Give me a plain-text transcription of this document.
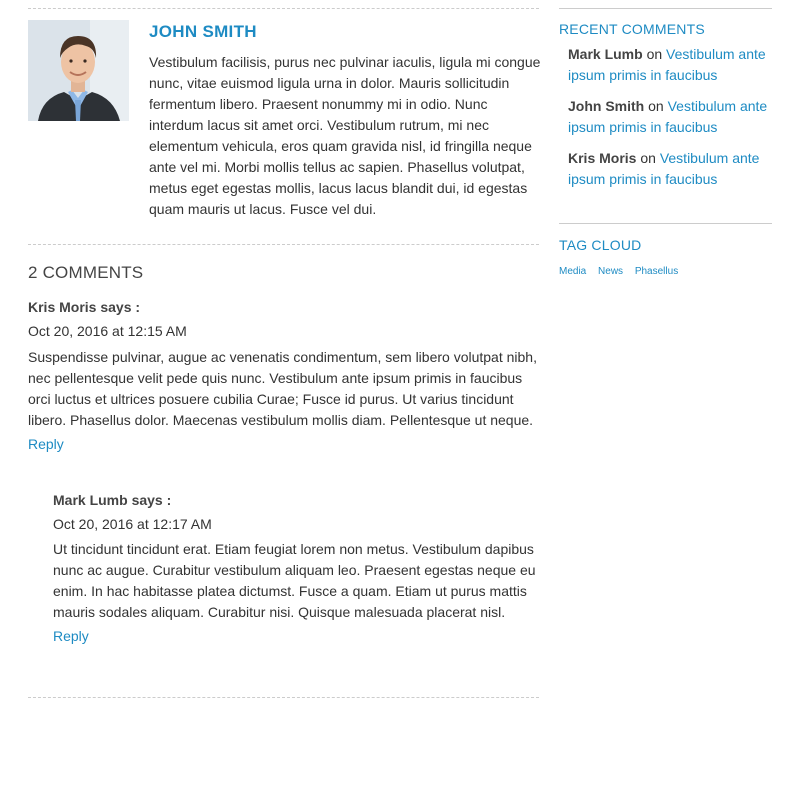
JOHN SMITH

Vestibulum facilisis, purus nec pulvinar iaculis, ligula mi congue nunc, vitae euismod ligula urna in dolor. Mauris sollicitudin fermentum libero. Praesent nonummy mi in odio. Nunc interdum lacus sit amet orci. Vestibulum rutrum, mi nec elementum vehicula, eros quam gravida nisl, id fringilla neque ante vel mi. Morbi mollis tellus ac sapien. Phasellus volutpat, metus eget egestas mollis, lacus lacus blandit dui, id egestas quam mauris ut lacus. Fusce vel dui.

2 COMMENTS

Kris Moris says :

Oct 20, 2016 at 12:15 AM

Suspendisse pulvinar, augue ac venenatis condimentum, sem libero volutpat nibh, nec pellentesque velit pede quis nunc. Vestibulum ante ipsum primis in faucibus orci luctus et ultrices posuere cubilia Curae; Fusce id purus. Ut varius tincidunt libero. Phasellus dolor. Maecenas vestibulum mollis diam. Pellentesque ut neque.

Reply

Mark Lumb says :

Oct 20, 2016 at 12:17 AM

Ut tincidunt tincidunt erat. Etiam feugiat lorem non metus. Vestibulum dapibus nunc ac augue. Curabitur vestibulum aliquam leo. Praesent egestas neque eu enim. In hac habitasse platea dictumst. Fusce a quam. Etiam ut purus mattis mauris sodales aliquam. Curabitur nisi. Quisque malesuada placerat nisl.

Reply
RECENT COMMENTS
Mark Lumb on Vestibulum ante ipsum primis in faucibus
John Smith on Vestibulum ante ipsum primis in faucibus
Kris Moris on Vestibulum ante ipsum primis in faucibus
TAG CLOUD
Media News Phasellus
